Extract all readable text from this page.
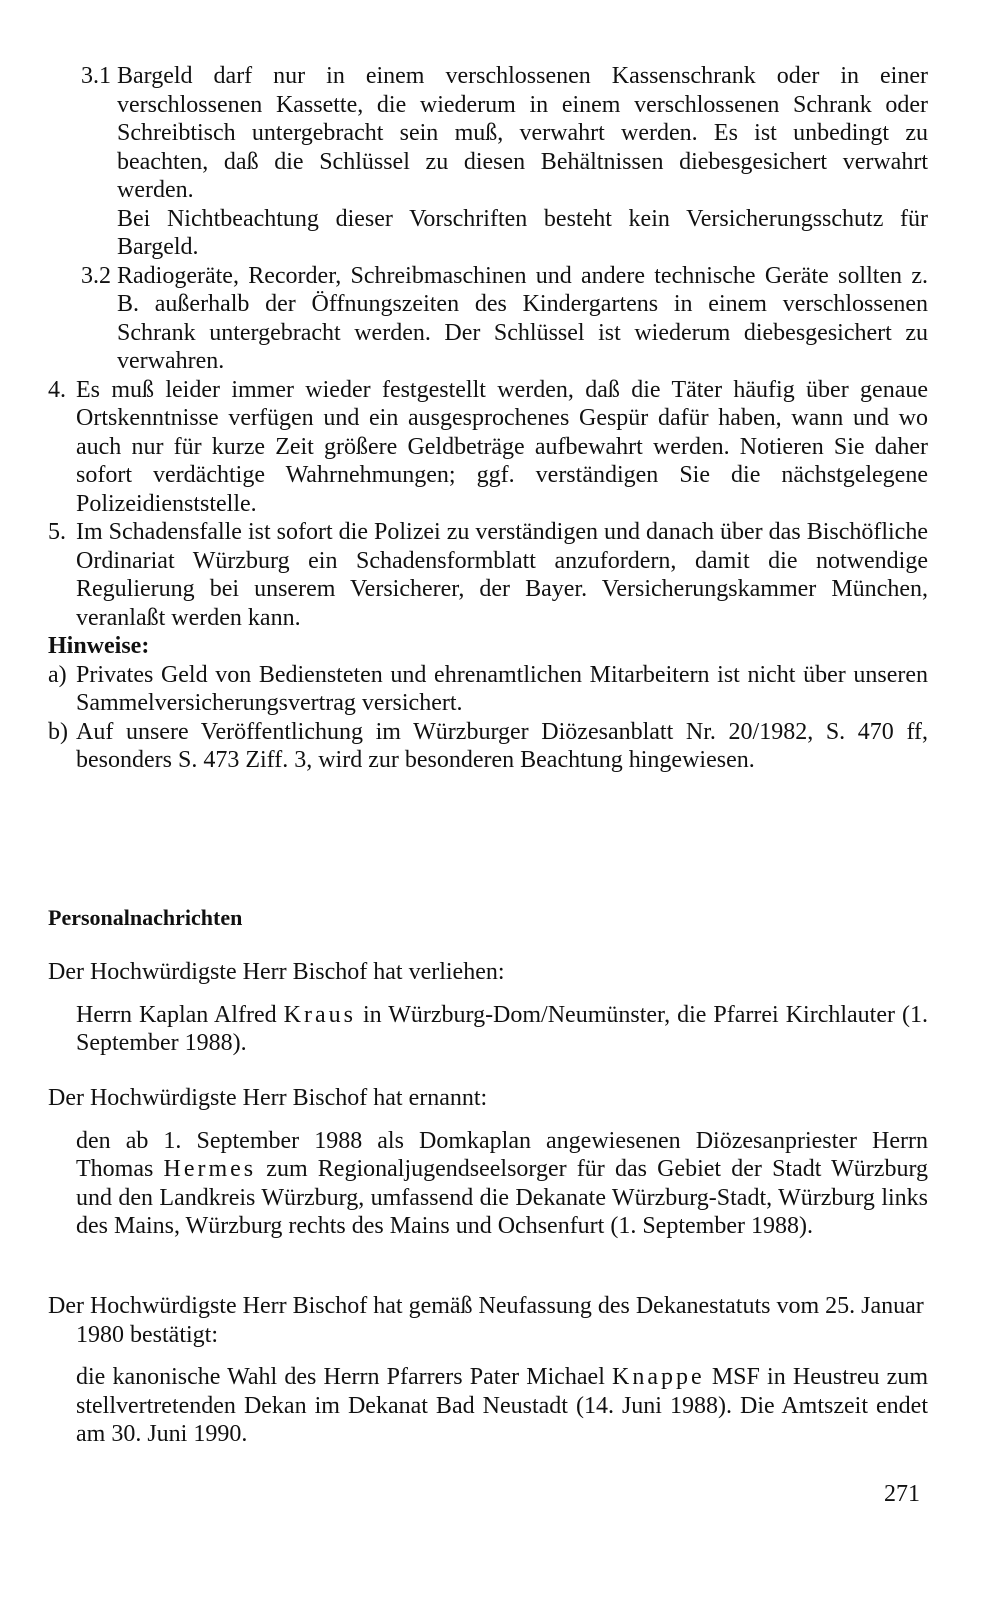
3.1 Bargeld darf nur in einem verschlossenen Kassenschrank oder in einer verschlossenen Kassette, die wiederum in einem verschlossenen Schrank oder Schreibtisch untergebracht sein muß, verwahrt werden. Es ist unbedingt zu beachten, daß die Schlüssel zu diesen Behältnissen diebesgesichert verwahrt werden.
Bei Nichtbeachtung dieser Vorschriften besteht kein Versicherungsschutz für Bargeld.
3.2 Radiogeräte, Recorder, Schreibmaschinen und andere technische Geräte sollten z. B. außerhalb der Öffnungszeiten des Kindergartens in einem verschlossenen Schrank untergebracht werden. Der Schlüssel ist wiederum diebesgesichert zu verwahren.
4. Es muß leider immer wieder festgestellt werden, daß die Täter häufig über genaue Ortskenntnisse verfügen und ein ausgesprochenes Gespür dafür haben, wann und wo auch nur für kurze Zeit größere Geldbeträge aufbewahrt werden. Notieren Sie daher sofort verdächtige Wahrnehmungen; ggf. verständigen Sie die nächstgelegene Polizeidienststelle.
5. Im Schadensfalle ist sofort die Polizei zu verständigen und danach über das Bischöfliche Ordinariat Würzburg ein Schadensformblatt anzufordern, damit die notwendige Regulierung bei unserem Versicherer, der Bayer. Versicherungskammer München, veranlaßt werden kann.
Hinweise:
a) Privates Geld von Bediensteten und ehrenamtlichen Mitarbeitern ist nicht über unseren Sammelversicherungsvertrag versichert.
b) Auf unsere Veröffentlichung im Würzburger Diözesanblatt Nr. 20/1982, S. 470 ff, besonders S. 473 Ziff. 3, wird zur besonderen Beachtung hingewiesen.
Personalnachrichten
Der Hochwürdigste Herr Bischof hat verliehen:
Herrn Kaplan Alfred Kraus in Würzburg-Dom/Neumünster, die Pfarrei Kirchlauter (1. September 1988).
Der Hochwürdigste Herr Bischof hat ernannt:
den ab 1. September 1988 als Domkaplan angewiesenen Diözesanpriester Herrn Thomas Hermes zum Regionaljugendseelsorger für das Gebiet der Stadt Würzburg und den Landkreis Würzburg, umfassend die Dekanate Würzburg-Stadt, Würzburg links des Mains, Würzburg rechts des Mains und Ochsenfurt (1. September 1988).
Der Hochwürdigste Herr Bischof hat gemäß Neufassung des Dekanestatuts vom 25. Januar 1980 bestätigt:
die kanonische Wahl des Herrn Pfarrers Pater Michael Knappe MSF in Heustreu zum stellvertretenden Dekan im Dekanat Bad Neustadt (14. Juni 1988). Die Amtszeit endet am 30. Juni 1990.
271
